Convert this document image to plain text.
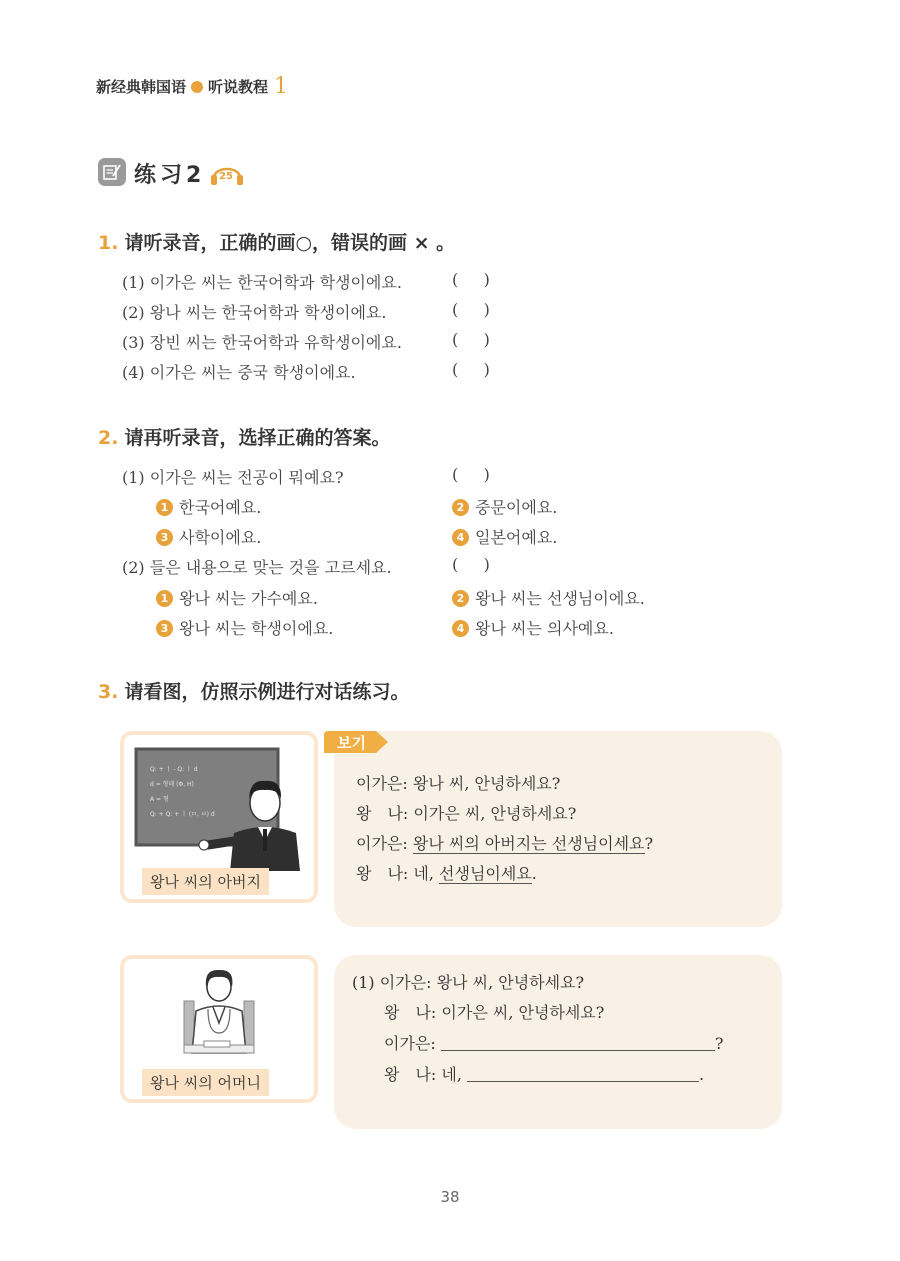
新经典韩国语 听说教程 1
练习2 25
1. 请听录音，正确的画○，错误的画 × 。
(1) 이가은 씨는 한국어학과 학생이에요.	(     )
(2) 왕나 씨는 한국어학과 학생이에요.	(     )
(3) 장빈 씨는 한국어학과 유학생이에요.	(     )
(4) 이가은 씨는 중국 학생이에요.	(     )
2. 请再听录音，选择正确的答案。
(1) 이가은 씨는 전공이 뭐예요?	(     )
1 한국어예요.	2 중문이에요.
3 사학이에요.	4 일본어예요.
(2) 들은 내용으로 맞는 것을 고르세요.	(     )
1 왕나 씨는 가수예요.	2 왕나 씨는 선생님이에요.
3 왕나 씨는 학생이에요.	4 왕나 씨는 의사예요.
3. 请看图，仿照示例进行对话练习。
Q: + ㅣ - Q: ㅣ d
d = 형태 (Φ, H)
A = 형
Q: + Q: + ㅣ (ㅁ, ㅂ) d
왕나 씨의 아버지
보기
이가은: 왕나 씨, 안녕하세요?
왕　나: 이가은 씨, 안녕하세요?
이가은: 왕나 씨의 아버지는 선생님이세요?
왕　나: 네, 선생님이세요.
왕나 씨의 어머니
(1) 이가은: 왕나 씨, 안녕하세요?
왕　나: 이가은 씨, 안녕하세요?
이가은:	?
왕　나: 네,	.
38
